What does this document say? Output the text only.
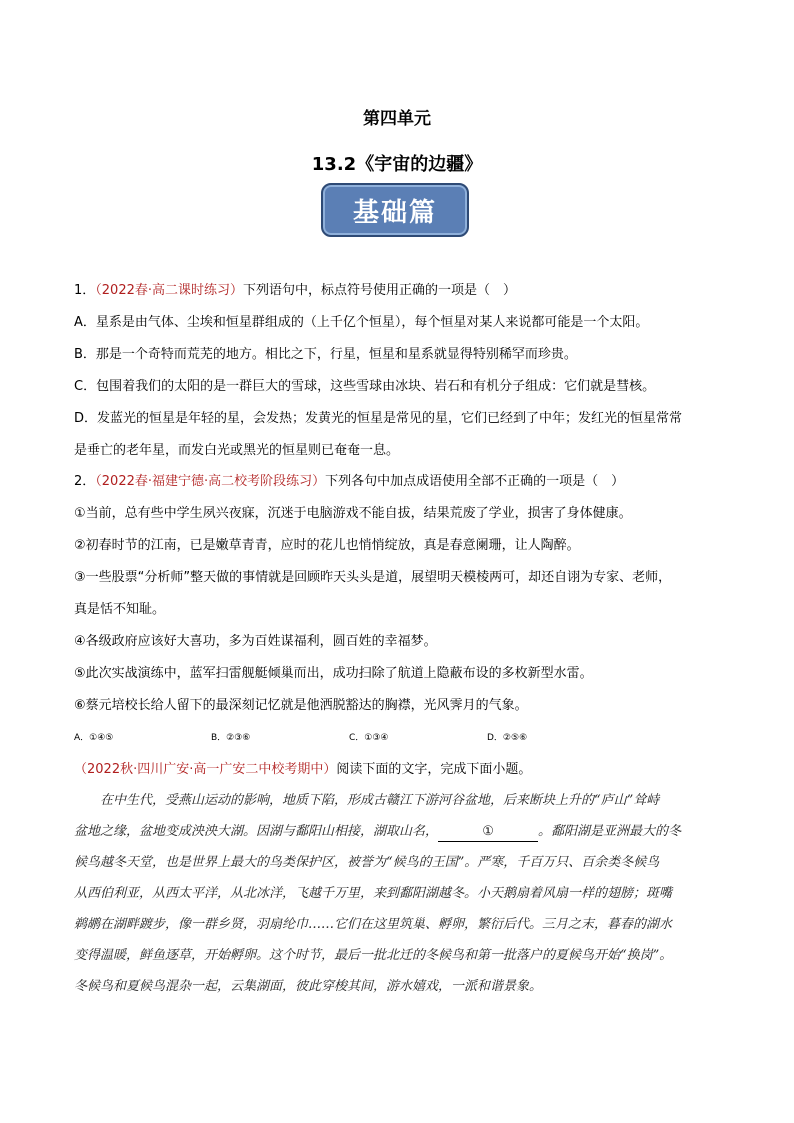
第四单元
13.2《宇宙的边疆》
基础篇
1．（2022春·高二课时练习）下列语句中，标点符号使用正确的一项是（　）
A．星系是由气体、尘埃和恒星群组成的（上千亿个恒星），每个恒星对某人来说都可能是一个太阳。
B．那是一个奇特而荒芜的地方。相比之下，行星，恒星和星系就显得特别稀罕而珍贵。
C．包围着我们的太阳的是一群巨大的雪球，这些雪球由冰块、岩石和有机分子组成：它们就是彗核。
D．发蓝光的恒星是年轻的星，会发热；发黄光的恒星是常见的星，它们已经到了中年；发红光的恒星常常
是垂亡的老年星，而发白光或黑光的恒星则已奄奄一息。
2．（2022春·福建宁德·高二校考阶段练习）下列各句中加点成语使用全部不正确的一项是（　）
①当前，总有些中学生夙兴夜寐，沉迷于电脑游戏不能自拔，结果荒废了学业，损害了身体健康。
②初春时节的江南，已是嫩草青青，应时的花儿也悄悄绽放，真是春意阑珊，让人陶醉。
③一些股票“分析师”整天做的事情就是回顾昨天头头是道，展望明天模棱两可，却还自诩为专家、老师，
真是恬不知耻。
④各级政府应该好大喜功，多为百姓谋福利，圆百姓的幸福梦。
⑤此次实战演练中，蓝军扫雷舰艇倾巢而出，成功扫除了航道上隐蔽布设的多枚新型水雷。
⑥蔡元培校长给人留下的最深刻记忆就是他洒脱豁达的胸襟，光风霁月的气象。
A．①④⑤	B．②③⑥	C．①③④	D．②⑤⑥
（2022秋·四川广安·高一广安二中校考期中）阅读下面的文字，完成下面小题。
在中生代，受燕山运动的影响，地质下陷，形成古赣江下游河谷盆地，后来断块上升的“庐山”耸峙
盆地之缘，盆地变成泱泱大湖。因湖与鄱阳山相接，湖取山名，	①	。鄱阳湖是亚洲最大的冬
候鸟越冬天堂，也是世界上最大的鸟类保护区，被誉为“候鸟的王国”。严寒，千百万只、百余类冬候鸟
从西伯利亚，从西太平洋，从北冰洋，飞越千万里，来到鄱阳湖越冬。小天鹅扇着风扇一样的翅膀；斑嘴
鹈鹕在湖畔踱步，像一群乡贤，羽扇纶巾……它们在这里筑巢、孵卵，繁衍后代。三月之末，暮春的湖水
变得温暖，鲜鱼逐草，开始孵卵。这个时节，最后一批北迁的冬候鸟和第一批落户的夏候鸟开始“换岗”。
冬候鸟和夏候鸟混杂一起，云集湖面，彼此穿梭其间，游水嬉戏，一派和谐景象。
